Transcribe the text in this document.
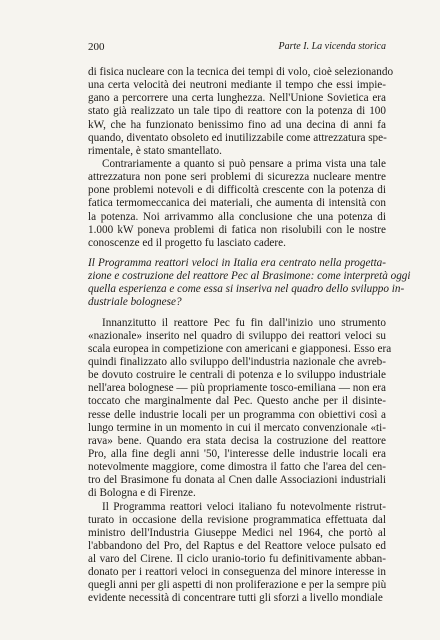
200	Parte I. La vicenda storica
di fisica nucleare con la tecnica dei tempi di volo, cioè selezionando
una certa velocità dei neutroni mediante il tempo che essi impie-
gano a percorrere una certa lunghezza. Nell'Unione Sovietica era
stato già realizzato un tale tipo di reattore con la potenza di 100
kW, che ha funzionato benissimo fino ad una decina di anni fa
quando, diventato obsoleto ed inutilizzabile come attrezzatura spe-
rimentale, è stato smantellato.
Contrariamente a quanto si può pensare a prima vista una tale
attrezzatura non pone seri problemi di sicurezza nucleare mentre
pone problemi notevoli e di difficoltà crescente con la potenza di
fatica termomeccanica dei materiali, che aumenta di intensità con
la potenza. Noi arrivammo alla conclusione che una potenza di
1.000 kW poneva problemi di fatica non risolubili con le nostre
conoscenze ed il progetto fu lasciato cadere.
Il Programma reattori veloci in Italia era centrato nella progetta-
zione e costruzione del reattore Pec al Brasimone: come interpretà oggi
quella esperienza e come essa si inseriva nel quadro dello sviluppo in-
dustriale bolognese?
Innanzitutto il reattore Pec fu fin dall'inizio uno strumento
«nazionale» inserito nel quadro di sviluppo dei reattori veloci su
scala europea in competizione con americani e giapponesi. Esso era
quindi finalizzato allo sviluppo dell'industria nazionale che avreb-
be dovuto costruire le centrali di potenza e lo sviluppo industriale
nell'area bolognese — più propriamente tosco-emiliana — non era
toccato che marginalmente dal Pec. Questo anche per il disinte-
resse delle industrie locali per un programma con obiettivi così a
lungo termine in un momento in cui il mercato convenzionale «ti-
rava» bene. Quando era stata decisa la costruzione del reattore
Pro, alla fine degli anni '50, l'interesse delle industrie locali era
notevolmente maggiore, come dimostra il fatto che l'area del cen-
tro del Brasimone fu donata al Cnen dalle Associazioni industriali
di Bologna e di Firenze.
Il Programma reattori veloci italiano fu notevolmente ristrut-
turato in occasione della revisione programmatica effettuata dal
ministro dell'Industria Giuseppe Medici nel 1964, che portò al
l'abbandono del Pro, del Raptus e del Reattore veloce pulsato ed
al varo del Cirene. Il ciclo uranio-torio fu definitivamente abban-
donato per i reattori veloci in conseguenza del minore interesse in
quegli anni per gli aspetti di non proliferazione e per la sempre più
evidente necessità di concentrare tutti gli sforzi a livello mondiale
